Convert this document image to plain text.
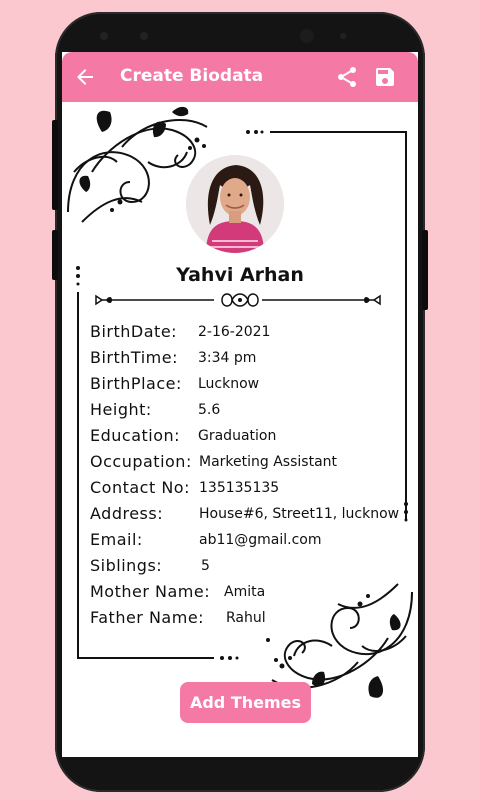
Create Biodata
Yahvi Arhan
BirthDate: 2-16-2021
BirthTime: 3:34 pm
BirthPlace: Lucknow
Height:	5.6
Education: Graduation
Occupation: Marketing Assistant
Contact No: 135135135
Address:	House#6, Street11, lucknow
Email:	ab11@gmail.com
Siblings:	5
Mother Name: Amita
Father Name: Rahul
Add Themes
